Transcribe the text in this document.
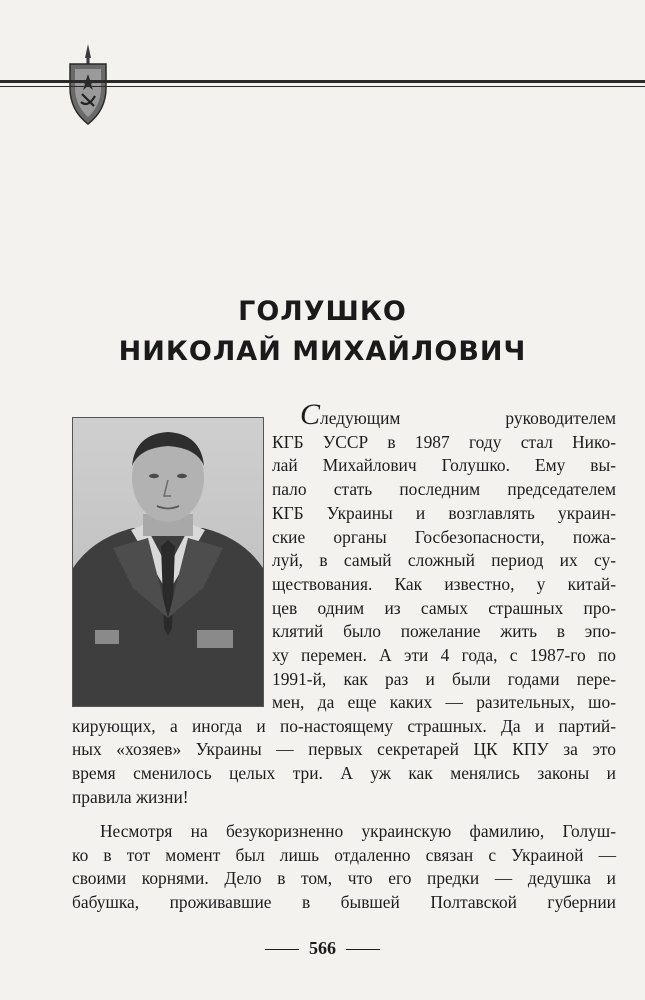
ГОЛУШКО
НИКОЛАЙ МИХАЙЛОВИЧ
Следующим руководителем
КГБ УССР в 1987 году стал Нико-
лай Михайлович Голушко. Ему вы-
пало стать последним председателем
КГБ Украины и возглавлять украин-
ские органы Госбезопасности, пожа-
луй, в самый сложный период их су-
ществования. Как известно, у китай-
цев одним из самых страшных про-
клятий было пожелание жить в эпо-
ху перемен. А эти 4 года, с 1987-го по
1991-й, как раз и были годами пере-
мен, да еще каких — разительных, шо-
кирующих, а иногда и по-настоящему страшных. Да и партий-
ных «хозяев» Украины — первых секретарей ЦК КПУ за это
время сменилось целых три. А уж как менялись законы и
правила жизни!
Несмотря на безукоризненно украинскую фамилию, Голуш-
ко в тот момент был лишь отдаленно связан с Украиной —
своими корнями. Дело в том, что его предки — дедушка и
бабушка, проживавшие в бывшей Полтавской губернии
566
